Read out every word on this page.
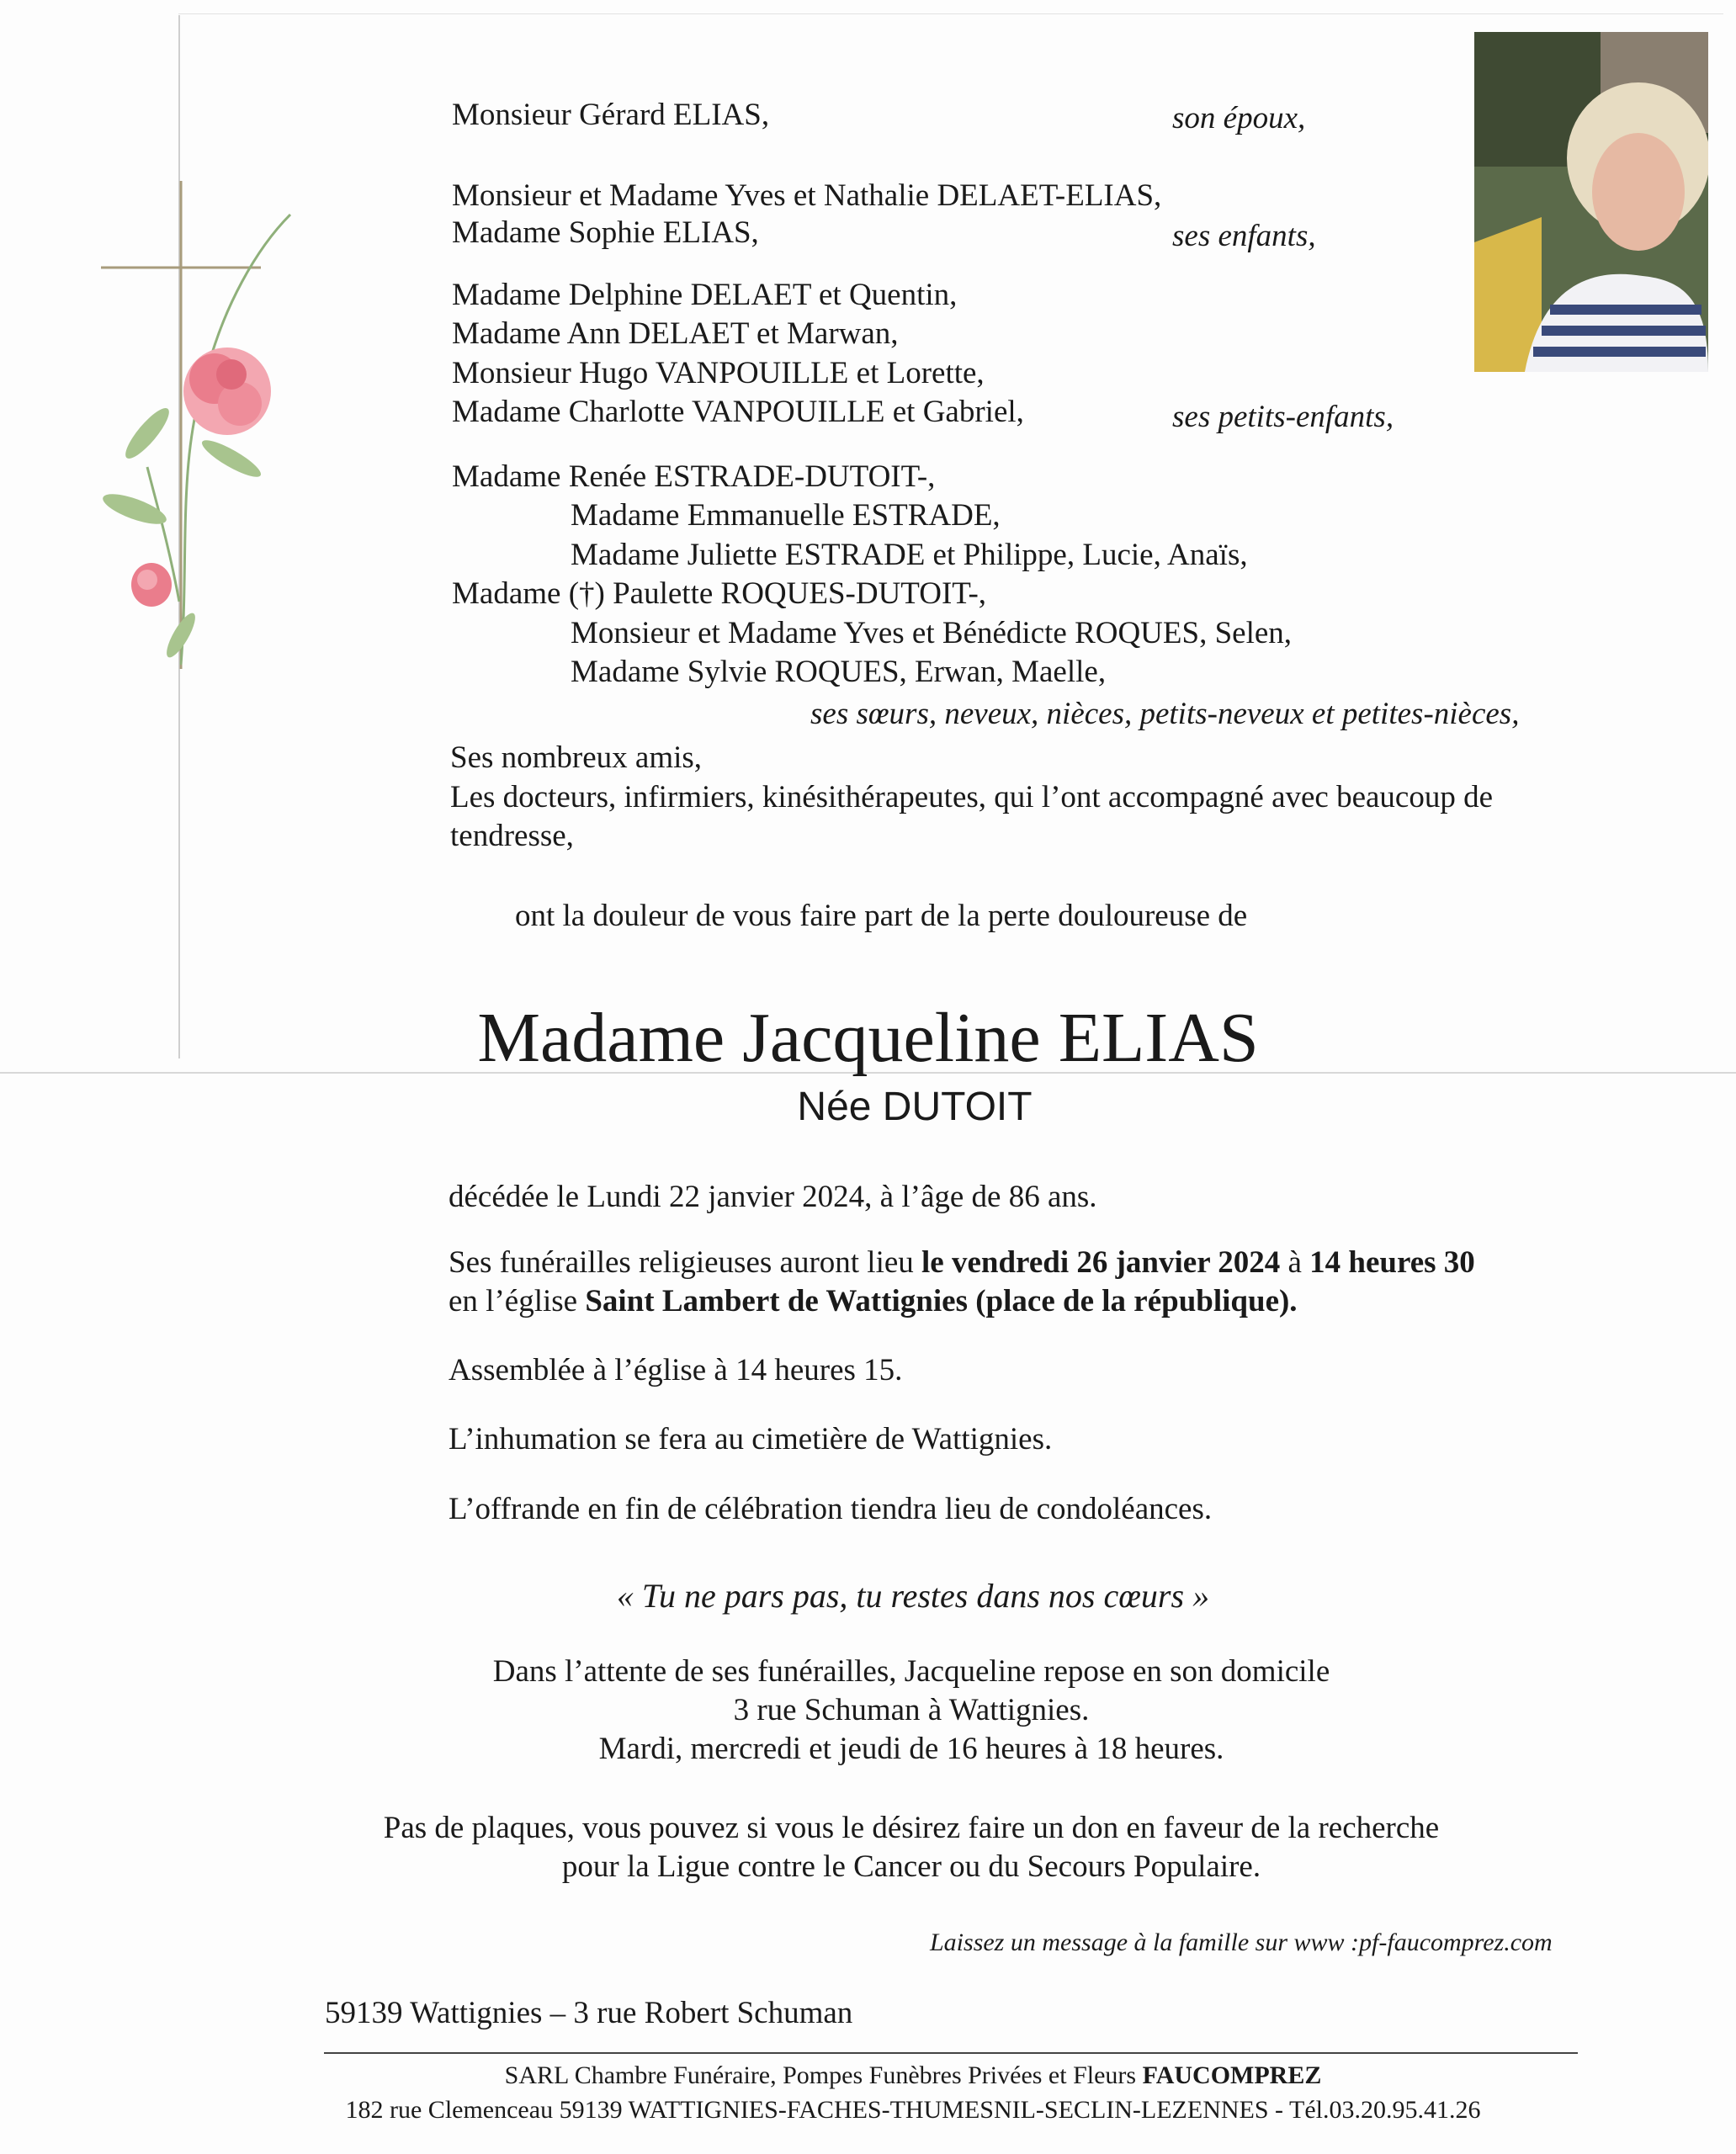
Monsieur Gérard ELIAS,	son époux,
Monsieur et Madame Yves et Nathalie DELAET-ELIAS,
Madame Sophie ELIAS,	ses enfants,
Madame Delphine DELAET et Quentin,
Madame Ann DELAET et Marwan,
Monsieur Hugo VANPOUILLE et Lorette,
Madame Charlotte VANPOUILLE et Gabriel,	ses petits-enfants,
Madame Renée ESTRADE-DUTOIT-,
Madame Emmanuelle ESTRADE,
Madame Juliette ESTRADE et Philippe, Lucie, Anaïs,
Madame (†) Paulette ROQUES-DUTOIT-,
Monsieur et Madame Yves et Bénédicte ROQUES, Selen,
Madame Sylvie ROQUES, Erwan, Maelle,
ses sœurs, neveux, nièces, petits-neveux et petites-nièces,
Ses nombreux amis,
Les docteurs, infirmiers, kinésithérapeutes, qui l’ont accompagné avec beaucoup de
tendresse,
ont la douleur de vous faire part de la perte douloureuse de
Madame Jacqueline ELIAS
Née DUTOIT
décédée le Lundi 22 janvier 2024, à l’âge de 86 ans.
Ses funérailles religieuses auront lieu le vendredi 26 janvier 2024 à 14 heures 30
en l’église Saint Lambert de Wattignies (place de la république).
Assemblée à l’église à 14 heures 15.
L’inhumation se fera au cimetière de Wattignies.
L’offrande en fin de célébration tiendra lieu de condoléances.
« Tu ne pars pas, tu restes dans nos cœurs »
Dans l’attente de ses funérailles, Jacqueline repose en son domicile
3 rue Schuman à Wattignies.
Mardi, mercredi et jeudi de 16 heures à 18 heures.
Pas de plaques, vous pouvez si vous le désirez faire un don en faveur de la recherche
pour la Ligue contre le Cancer ou du Secours Populaire.
Laissez un message à la famille sur www :pf-faucomprez.com
59139 Wattignies – 3 rue Robert Schuman
SARL Chambre Funéraire, Pompes Funèbres Privées et Fleurs FAUCOMPREZ
182 rue Clemenceau 59139 WATTIGNIES-FACHES-THUMESNIL-SECLIN-LEZENNES - Tél.03.20.95.41.26
